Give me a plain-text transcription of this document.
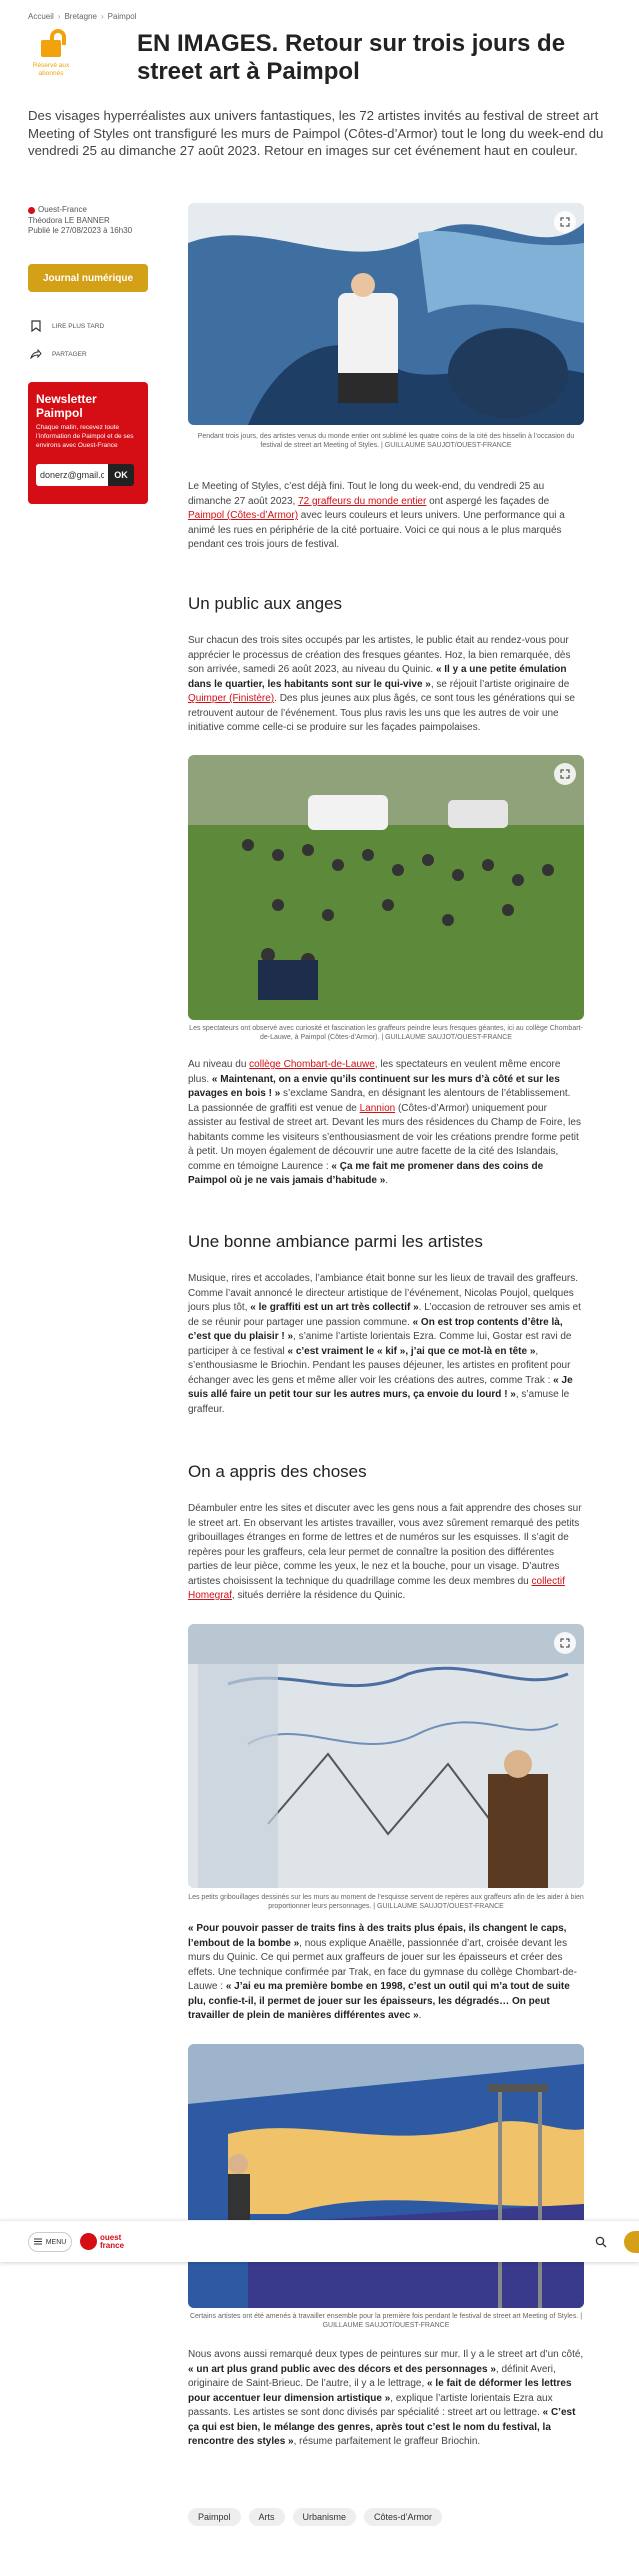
Accueil › Bretagne › Paimpol
Réservé aux abonnés
EN IMAGES. Retour sur trois jours de street art à Paimpol

Des visages hyperréalistes aux univers fantastiques, les 72 artistes invités au festival de street art Meeting of Styles ont transfiguré les murs de Paimpol (Côtes-d’Armor) tout le long du week-end du vendredi 25 au dimanche 27 août 2023. Retour en images sur cet événement haut en couleur.

Ouest-France
Théodora LE BANNER
Publié le 27/08/2023 à 16h30
Journal numérique
LIRE PLUS TARD
PARTAGER
Newsletter Paimpol
Chaque matin, recevez toute l’information de Paimpol et de ses environs avec Ouest-France
donerz@gmail.com
OK

Pendant trois jours, des artistes venus du monde entier ont sublimé les quatre coins de la cité des hisselin à l’occasion du festival de street art Meeting of Styles. | GUILLAUME SAUJOT/OUEST-FRANCE

Le Meeting of Styles, c’est déjà fini. Tout le long du week-end, du vendredi 25 au dimanche 27 août 2023, 72 graffeurs du monde entier ont aspergé les façades de Paimpol (Côtes-d’Armor) avec leurs couleurs et leurs univers. Une performance qui a animé les rues en périphérie de la cité portuaire. Voici ce qui nous a le plus marqués pendant ces trois jours de festival.

Un public aux anges

Sur chacun des trois sites occupés par les artistes, le public était au rendez-vous pour apprécier le processus de création des fresques géantes. Hoz, la bien remarquée, dès son arrivée, samedi 26 août 2023, au niveau du Quinic. « Il y a une petite émulation dans le quartier, les habitants sont sur le qui-vive », se réjouit l’artiste originaire de Quimper (Finistère). Des plus jeunes aux plus âgés, ce sont tous les générations qui se retrouvent autour de l’événement. Tous plus ravis les uns que les autres de voir une initiative comme celle-ci se produire sur les façades paimpolaises.

Les spectateurs ont observé avec curiosité et fascination les graffeurs peindre leurs fresques géantes, ici au collège Chombart-de-Lauwe, à Paimpol (Côtes-d’Armor). | GUILLAUME SAUJOT/OUEST-FRANCE

Au niveau du collège Chombart-de-Lauwe, les spectateurs en veulent même encore plus. « Maintenant, on a envie qu’ils continuent sur les murs d’à côté et sur les pavages en bois ! » s’exclame Sandra, en désignant les alentours de l’établissement. La passionnée de graffiti est venue de Lannion (Côtes-d’Armor) uniquement pour assister au festival de street art. Devant les murs des résidences du Champ de Foire, les habitants comme les visiteurs s’enthousiasment de voir les créations prendre forme petit à petit. Un moyen également de découvrir une autre facette de la cité des Islandais, comme en témoigne Laurence : « Ça me fait me promener dans des coins de Paimpol où je ne vais jamais d’habitude ».

Une bonne ambiance parmi les artistes

Musique, rires et accolades, l’ambiance était bonne sur les lieux de travail des graffeurs. Comme l’avait annoncé le directeur artistique de l’événement, Nicolas Poujol, quelques jours plus tôt, « le graffiti est un art très collectif ». L’occasion de retrouver ses amis et de se réunir pour partager une passion commune. « On est trop contents d’être là, c’est que du plaisir ! », s’anime l’artiste lorientais Ezra. Comme lui, Gostar est ravi de participer à ce festival « c’est vraiment le « kif », j’ai que ce mot-là en tête », s’enthousiasme le Briochin. Pendant les pauses déjeuner, les artistes en profitent pour échanger avec les gens et même aller voir les créations des autres, comme Trak : « Je suis allé faire un petit tour sur les autres murs, ça envoie du lourd ! », s’amuse le graffeur.

On a appris des choses

Déambuler entre les sites et discuter avec les gens nous a fait apprendre des choses sur le street art. En observant les artistes travailler, vous avez sûrement remarqué des petits gribouillages étranges en forme de lettres et de numéros sur les esquisses. Il s’agit de repères pour les graffeurs, cela leur permet de connaître la position des différentes parties de leur pièce, comme les yeux, le nez et la bouche, pour un visage. D’autres artistes choisissent la technique du quadrillage comme les deux membres du collectif Homegraf, situés derrière la résidence du Quinic.

Les petits gribouillages dessinés sur les murs au moment de l’esquisse servent de repères aux graffeurs afin de les aider à bien proportionner leurs personnages. | GUILLAUME SAUJOT/OUEST-FRANCE

« Pour pouvoir passer de traits fins à des traits plus épais, ils changent le caps, l’embout de la bombe », nous explique Anaëlle, passionnée d’art, croisée devant les murs du Quinic. Ce qui permet aux graffeurs de jouer sur les épaisseurs et créer des effets. Une technique confirmée par Trak, en face du gymnase du collège Chombart-de-Lauwe : « J’ai eu ma première bombe en 1998, c’est un outil qui m’a tout de suite plu, confie-t-il, il permet de jouer sur les épaisseurs, les dégradés… On peut travailler de plein de manières différentes avec ».

Certains artistes ont été amenés à travailler ensemble pour la première fois pendant le festival de street art Meeting of Styles. | GUILLAUME SAUJOT/OUEST-FRANCE

MENU
ouest
france

Nous avons aussi remarqué deux types de peintures sur mur. Il y a le street art d’un côté, « un art plus grand public avec des décors et des personnages », définit Averi, originaire de Saint-Brieuc. De l’autre, il y a le lettrage, « le fait de déformer les lettres pour accentuer leur dimension artistique », explique l’artiste lorientais Ezra aux passants. Les artistes se sont donc divisés par spécialité : street art ou lettrage. « C’est ça qui est bien, le mélange des genres, après tout c’est le nom du festival, la rencontre des styles », résume parfaitement le graffeur Briochin.

Paimpol	Arts	Urbanisme	Côtes-d’Armor
